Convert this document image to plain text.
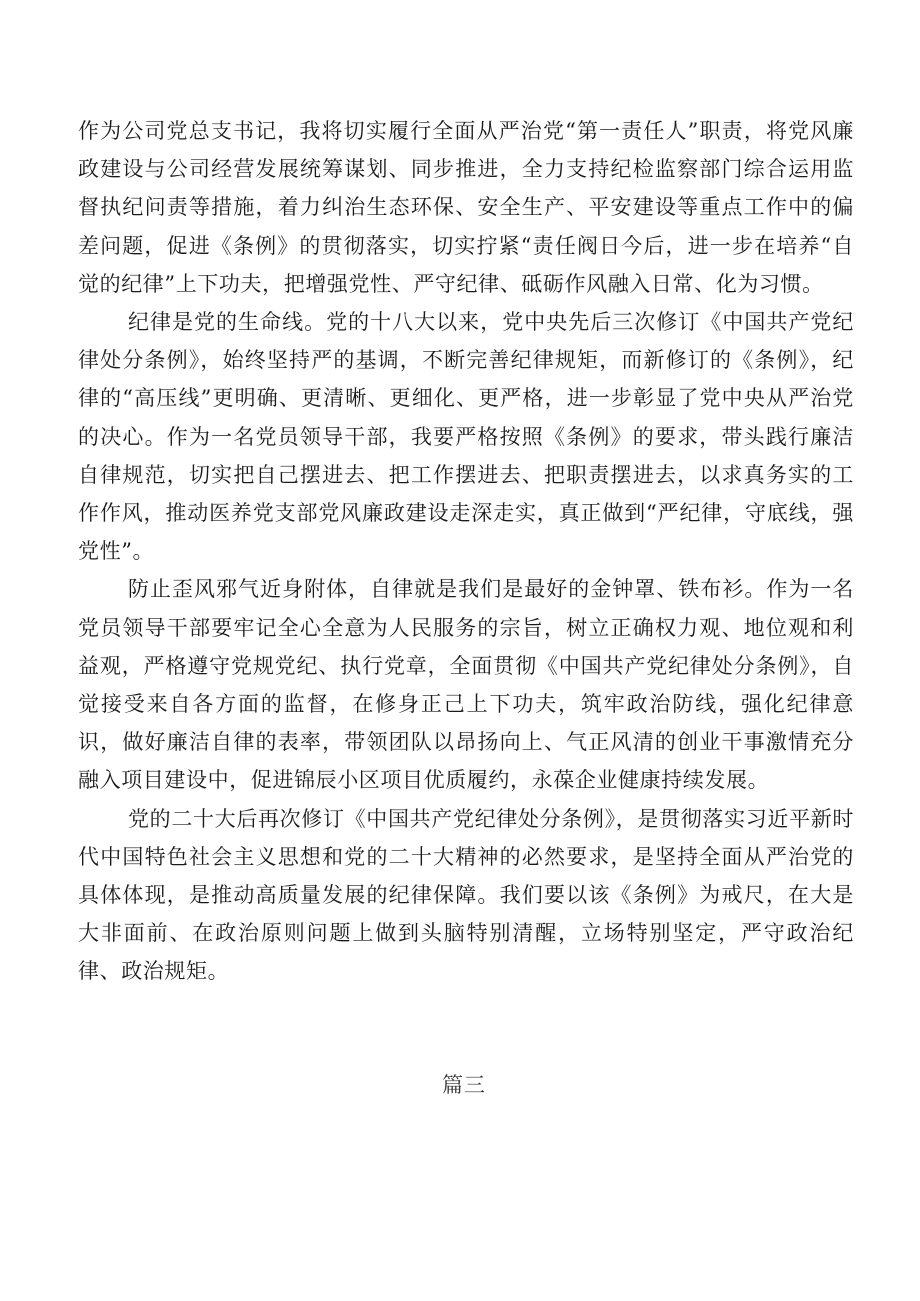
作为公司党总支书记，我将切实履行全面从严治党“第一责任人”职责，将党风廉政建设与公司经营发展统筹谋划、同步推进，全力支持纪检监察部门综合运用监督执纪问责等措施，着力纠治生态环保、安全生产、平安建设等重点工作中的偏差问题，促进《条例》的贯彻落实，切实拧紧“责任阀日今后，进一步在培养“自觉的纪律”上下功夫，把增强党性、严守纪律、砥砺作风融入日常、化为习惯。

纪律是党的生命线。党的十八大以来，党中央先后三次修订《中国共产党纪律处分条例》，始终坚持严的基调，不断完善纪律规矩，而新修订的《条例》，纪律的“高压线”更明确、更清晰、更细化、更严格，进一步彰显了党中央从严治党的决心。作为一名党员领导干部，我要严格按照《条例》的要求，带头践行廉洁自律规范，切实把自己摆进去、把工作摆进去、把职责摆进去，以求真务实的工作作风，推动医养党支部党风廉政建设走深走实，真正做到“严纪律，守底线，强党性”。

防止歪风邪气近身附体，自律就是我们是最好的金钟罩、铁布衫。作为一名党员领导干部要牢记全心全意为人民服务的宗旨，树立正确权力观、地位观和利益观，严格遵守党规党纪、执行党章，全面贯彻《中国共产党纪律处分条例》，自觉接受来自各方面的监督，在修身正己上下功夫，筑牢政治防线，强化纪律意识，做好廉洁自律的表率，带领团队以昂扬向上、气正风清的创业干事激情充分融入项目建设中，促进锦辰小区项目优质履约，永葆企业健康持续发展。

党的二十大后再次修订《中国共产党纪律处分条例》，是贯彻落实习近平新时代中国特色社会主义思想和党的二十大精神的必然要求，是坚持全面从严治党的具体体现，是推动高质量发展的纪律保障。我们要以该《条例》为戒尺，在大是大非面前、在政治原则问题上做到头脑特别清醒，立场特别坚定，严守政治纪律、政治规矩。

篇三
